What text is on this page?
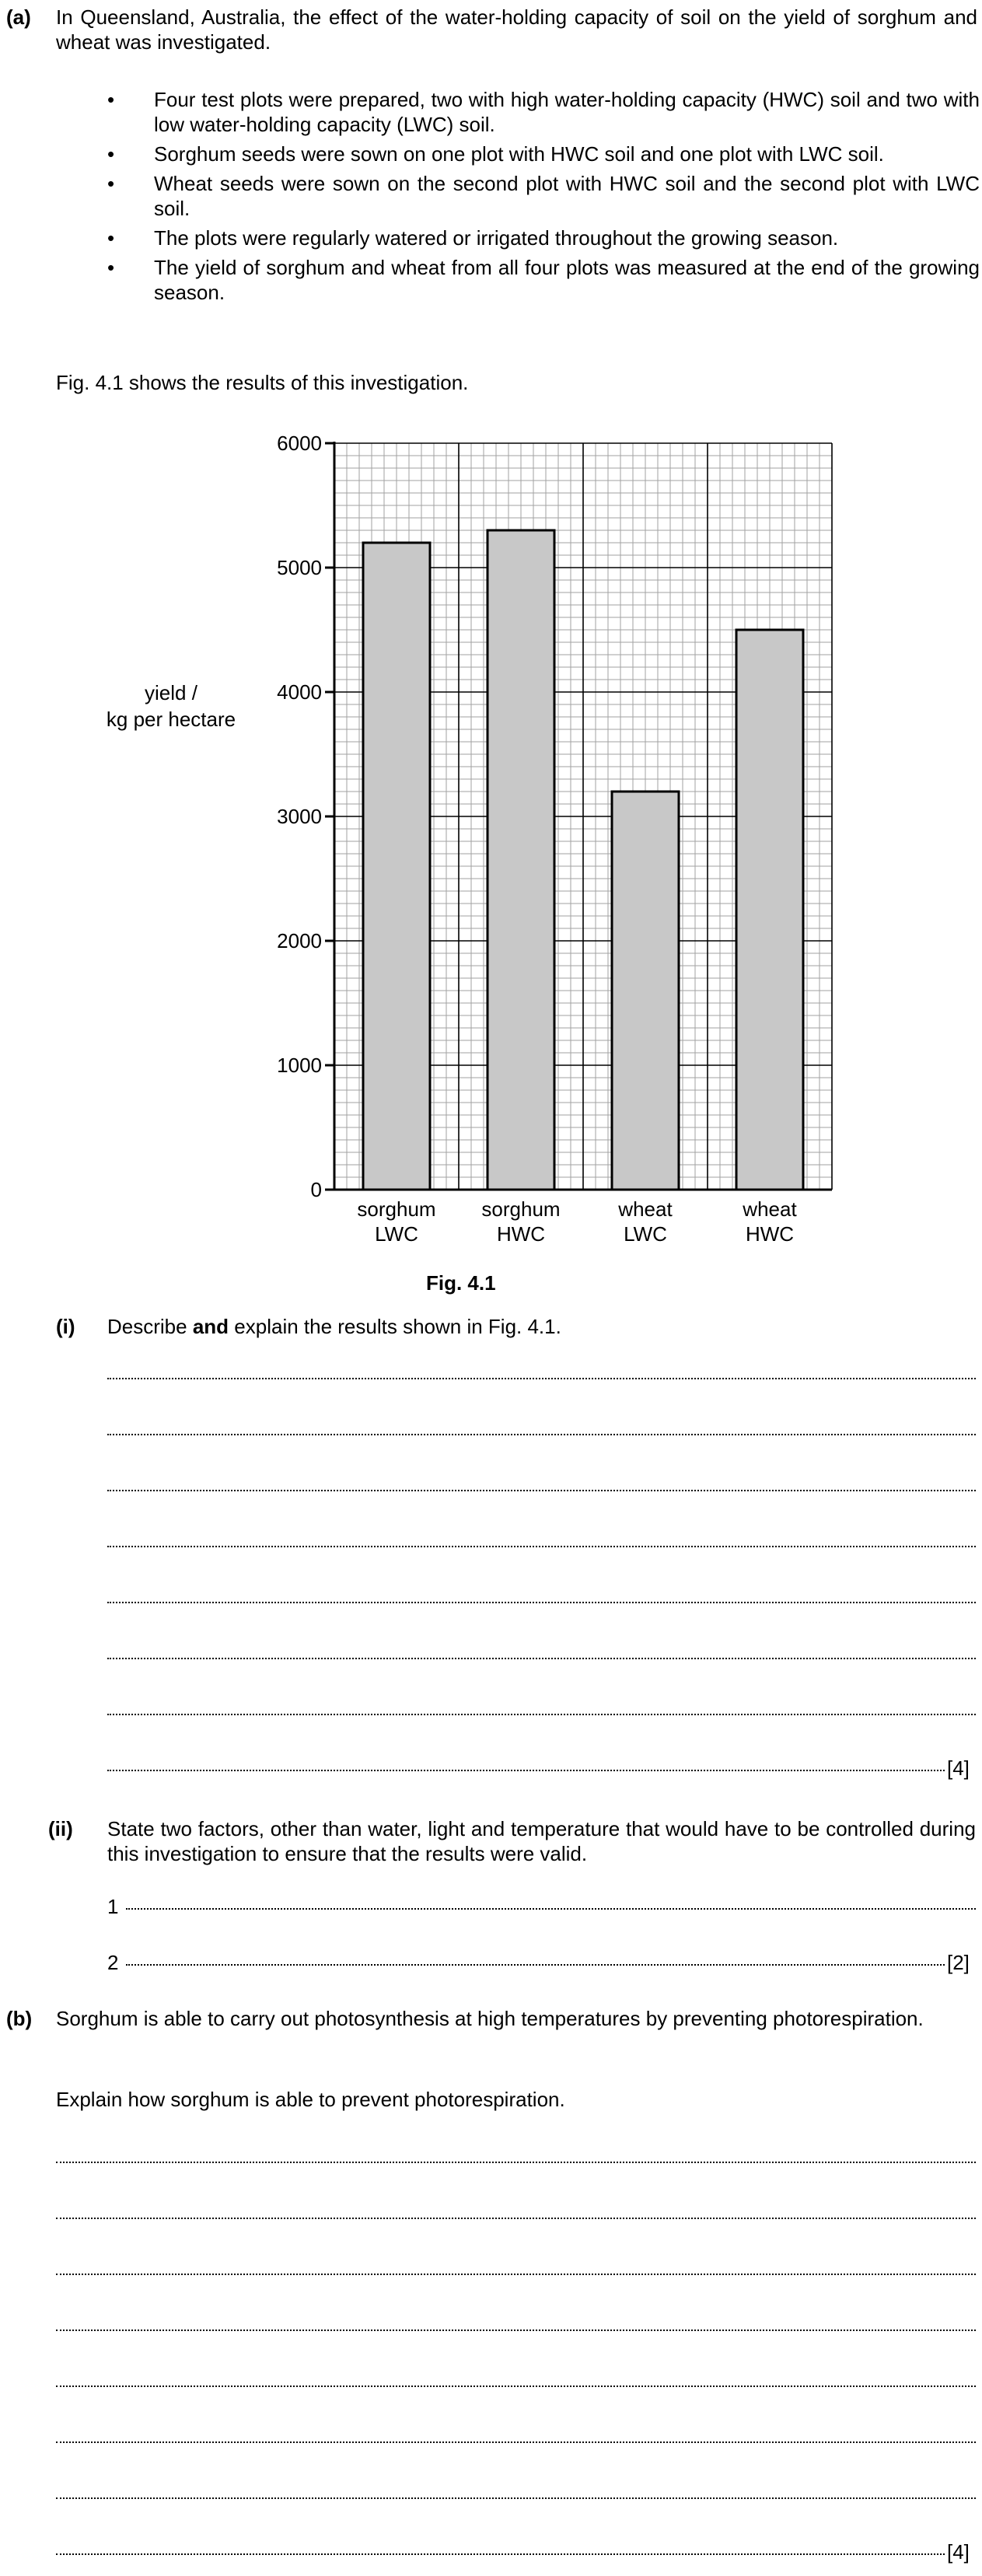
(a) In Queensland, Australia, the effect of the water-holding capacity of soil on the yield of sorghum and wheat was investigated.
• Four test plots were prepared, two with high water-holding capacity (HWC) soil and two with low water-holding capacity (LWC) soil.
• Sorghum seeds were sown on one plot with HWC soil and one plot with LWC soil.
• Wheat seeds were sown on the second plot with HWC soil and the second plot with LWC soil.
• The plots were regularly watered or irrigated throughout the growing season.
• The yield of sorghum and wheat from all four plots was measured at the end of the growing season.
Fig. 4.1 shows the results of this investigation.
sorghum
LWC
sorghum
HWC
wheat
LWC
wheat
HWC
0
1000
2000
3000
4000
5000
6000
yield /
kg per hectare
Fig. 4.1
(i) Describe and explain the results shown in Fig. 4.1.
[4]
(ii) State two factors, other than water, light and temperature that would have to be controlled during this investigation to ensure that the results were valid.
1
2	[2]
(b) Sorghum is able to carry out photosynthesis at high temperatures by preventing photorespiration.
Explain how sorghum is able to prevent photorespiration.
[4]
